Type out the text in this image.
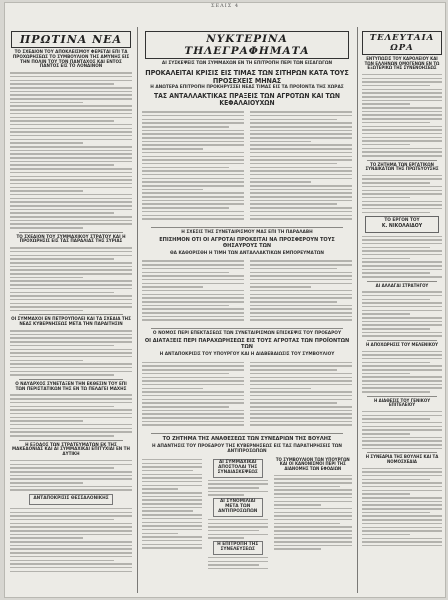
ΣΕΛΙΣ 4
ΠΡΩΤΙΝΑ ΝΕΑ
ΤΟ ΣΧΕΔΙΟΝ ΤΟΥ ΑΠΟΚΛΕΙΣΜΟΥ ΦΕΡΕΤΑΙ ΕΠΙ ΤΑ ΠΡΟΧΩΡΗΣΕΩΣ ΤΟ ΣΥΜΒΟΥΛΙΟΝ ΤΗΣ ΑΜΥΝΗΣ ΕΙΣ ΤΗΝ ΠΟΛΙΝ ΤΟΥ ΤΟΝ ΠΑΝΤΑΧΟΣ ΚΑΙ ΕΝΤΟΣ ΠΑΝΤΟΣ ΕΙΣ ΤΟ ΛΟΝΔΙΝΟΝ
ΤΟ ΣΧΕΔΙΟΝ ΤΟΥ ΣΥΜΜΑΧΙΚΟΥ ΣΤΡΑΤΟΥ ΚΑΙ Η ΠΡΟΧΩΡΗΣΙΣ ΕΙΣ ΤΑΣ ΠΑΡΑΛΙΑΣ ΤΗΣ ΣΥΡΙΑΣ
ΟΙ ΣΥΜΜΑΧΟΙ ΕΝ ΠΕΤΡΟΥΠΟΛΕΙ ΚΑΙ ΤΑ ΣΧΕΔΙΑ ΤΗΣ ΝΕΑΣ ΚΥΒΕΡΝΗΣΕΩΣ ΜΕΤΑ ΤΗΝ ΠΑΡΑΙΤΗΣΙΝ
Ο ΝΑΥΑΡΧΟΣ ΣΥΝΕΤΑΞΕΝ ΤΗΝ ΕΚΘΕΣΙΝ ΤΟΥ ΕΠΙ ΤΩΝ ΠΕΡΙΣΤΑΤΙΚΩΝ ΤΗΣ ΕΝ ΤΩ ΠΕΛΑΓΕΙ ΜΑΧΗΣ
Η ΕΞΟΔΟΣ ΤΩΝ ΣΤΡΑΤΕΥΜΑΤΩΝ ΕΚ ΤΗΣ ΜΑΚΕΔΟΝΙΑΣ ΚΑΙ ΑΙ ΣΥΜΜΑΧΙΚΑΙ ΕΠΙΤΥΧΙΑΙ ΕΝ ΤΗ ΔΥΤΙΚΗ
ΑΝΤΑΠΟΚΡΙΣΙΣ ΘΕΣΣΑΛΟΝΙΚΗΣ
ΝΥΚΤΕΡΙΝΑ ΤΗΛΕΓΡΑΦΗΜΑΤΑ
ΑΙ ΣΥΣΚΕΨΕΙΣ ΤΩΝ ΣΥΜΜΑΧΩΝ ΕΝ ΤΗ ΕΠΙΤΡΟΠΗ ΠΕΡΙ ΤΩΝ ΕΙΣΑΓΩΓΩΝ
ΠΡΟΚΑΛΕΙΤΑΙ ΚΡΙΣΙΣ ΕΙΣ ΤΙΜΑΣ ΤΩΝ ΣΙΤΗΡΩΝ ΚΑΤΑ ΤΟΥΣ ΠΡΟΣΕΧΕΙΣ ΜΗΝΑΣ
Η ΑΝΩΤΕΡΑ ΕΠΙΤΡΟΠΗ ΠΡΟΚΗΡΥΣΣΕΙ ΝΕΑΣ ΤΙΜΑΣ ΕΙΣ ΤΑ ΠΡΟΪΟΝΤΑ ΤΗΣ ΧΩΡΑΣ
ΤΑΣ ΑΝΤΑΛΛΑΚΤΙΚΑΣ ΠΡΑΞΕΙΣ ΤΩΝ ΑΓΡΟΤΩΝ ΚΑΙ ΤΩΝ ΚΕΦΑΛΑΙΟΥΧΩΝ
Η ΣΧΕΣΙΣ ΤΗΣ ΣΥΝΕΤΑΙΡΙΣΜΟΥ ΜΑΣ ΕΠΙ ΤΗ ΠΑΡΑΛΑΒΗ
ΕΠΙΣΗΜΟΝ ΟΤΙ ΟΙ ΑΓΡΟΤΑΙ ΠΡΟΚΕΙΤΑΙ ΝΑ ΠΡΟΣΦΕΡΟΥΝ ΤΟΥΣ ΘΗΣΑΥΡΟΥΣ ΤΩΝ
ΘΑ ΚΑΘΟΡΙΣΘΗ Η ΤΙΜΗ ΤΩΝ ΑΝΤΑΛΛΑΚΤΙΚΩΝ ΕΜΠΟΡΕΥΜΑΤΩΝ
Ο ΝΟΜΟΣ ΠΕΡΙ ΕΠΕΚΤΑΣΕΩΣ ΤΩΝ ΣΥΝΕΤΑΙΡΙΣΜΩΝ ΕΠΙΣΚΕΨΙΣ ΤΟΥ ΠΡΟΕΔΡΟΥ
ΟΙ ΔΙΑΤΑΞΕΙΣ ΠΕΡΙ ΠΑΡΑΧΩΡΗΣΕΩΣ ΕΙΣ ΤΟΥΣ ΑΓΡΟΤΑΣ ΤΩΝ ΠΡΟΪΟΝΤΩΝ ΤΩΝ
Η ΑΝΤΑΠΟΚΡΙΣΙΣ ΤΟΥ ΥΠΟΥΡΓΟΥ ΚΑΙ Η ΔΙΑΒΕΒΑΙΩΣΙΣ ΤΟΥ ΣΥΜΒΟΥΛΙΟΥ
ΤΟ ΖΗΤΗΜΑ ΤΗΣ ΑΝΑΘΕΣΕΩΣ ΤΩΝ ΣΥΝΕΔΡΙΩΝ ΤΗΣ ΒΟΥΛΗΣ
Η ΑΠΑΝΤΗΣΙΣ ΤΟΥ ΠΡΟΕΔΡΟΥ ΤΗΣ ΚΥΒΕΡΝΗΣΕΩΣ ΕΙΣ ΤΑΣ ΠΑΡΑΤΗΡΗΣΕΙΣ ΤΩΝ ΑΝΤΙΠΡΟΣΩΠΩΝ
ΑΙ ΣΥΜΜΑΧΙΚΑΙ ΑΠΟΣΤΟΛΑΙ ΤΗΣ ΣΥΝΔΙΑΣΚΕΨΕΩΣ
ΑΙ ΣΥΝΟΜΙΛΙΑΙ ΜΕΤΑ ΤΩΝ ΑΝΤΙΠΡΟΣΩΠΩΝ
Η ΕΠΙΤΡΟΠΗ ΤΗΣ ΣΥΝΕΛΕΥΣΕΩΣ
ΤΟ ΣΥΜΒΟΥΛΙΟΝ ΤΩΝ ΥΠΟΥΡΓΩΝ ΚΑΙ ΟΙ ΚΑΝΟΝΙΣΜΟΙ ΠΕΡΙ ΤΗΣ ΔΙΑΝΟΜΗΣ ΤΩΝ ΕΦΟΔΙΩΝ
ΤΕΛΕΥΤΑΙΑ ΩΡΑ
ΕΝΤΥΠΩΣΙΣ ΤΟΥ ΚΑΡΟΛΕΙΟΥ ΚΑΙ ΤΩΝ ΕΛΛΗΝΩΝ ΟΜΟΓΕΝΩΝ ΕΝ ΤΩ ΕΞΩΤΕΡΙΚΩ ΤΗΣ ΣΥΝΕΝΟΗΣΕΩΣ
ΤΟ ΖΗΤΗΜΑ ΤΩΝ ΕΡΓΑΤΙΚΩΝ ΣΥΝΔΙΚΑΤΩΝ ΤΗΣ ΠΡΩΤΕΥΟΥΣΗΣ
ΤΟ ΕΡΓΟΝ ΤΟΥ
Κ. ΝΙΚΟΛΑΙΔΟΥ
ΑΙ ΑΛΛΑΓΑΙ ΣΤΡΑΤΗΓΟΥ
Η ΑΠΟΧΩΡΗΣΙΣ ΤΟΥ ΜΕΛΕΝΙΚΟΥ
Η ΔΙΑΘΕΣΙΣ ΤΟΥ ΓΕΝΙΚΟΥ ΕΠΙΤΕΛΕΙΟΥ
Η ΣΥΝΕΔΡΙΑ ΤΗΣ ΒΟΥΛΗΣ ΚΑΙ ΤΑ ΝΟΜΟΣΧΕΔΙΑ
